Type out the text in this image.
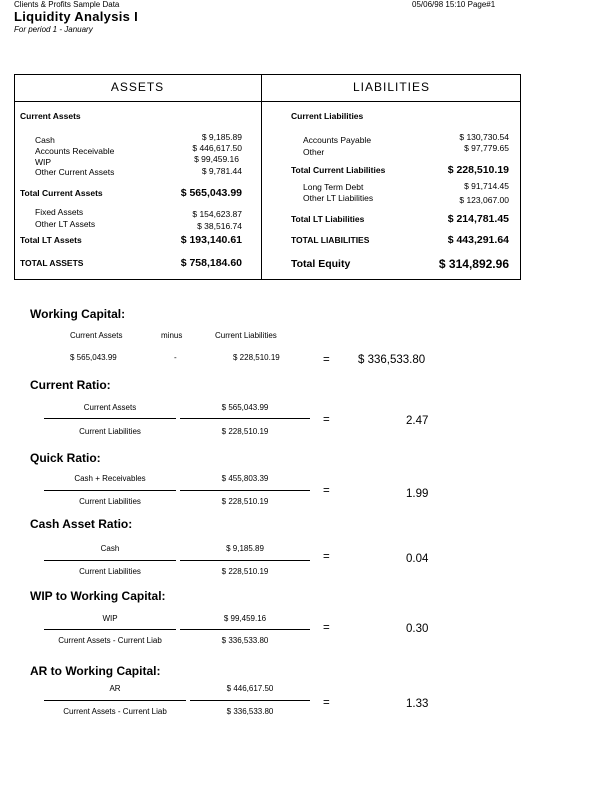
Clients & Profits Sample Data	05/06/98 15:10 Page#1
Liquidity Analysis I
For period 1 - January
ASSETS	LIABILITIES
Current Assets
Cash	$ 9,185.89
Accounts Receivable	$ 446,617.50
WIP	$ 99,459.16
Other Current Assets	$ 9,781.44
Total Current Assets	$ 565,043.99
Fixed Assets	$ 154,623.87
Other LT Assets	$ 38,516.74
Total LT Assets	$ 193,140.61
TOTAL ASSETS	$ 758,184.60
Current Liabilities
Accounts Payable	$ 130,730.54
Other	$ 97,779.65
Total Current Liabilities	$ 228,510.19
Long Term Debt	$ 91,714.45
Other LT Liabilities	$ 123,067.00
Total LT Liabilities	$ 214,781.45
TOTAL LIABILITIES	$ 443,291.64
Total Equity	$ 314,892.96
Working Capital:
Current Assets	minus	Current Liabilities
$ 565,043.99	-	$ 228,510.19	= $ 336,533.80
Current Ratio:
Current Assets	$ 565,043.99
Current Liabilities	$ 228,510.19
=	2.47
Quick Ratio:
Cash + Receivables	$ 455,803.39
Current Liabilities	$ 228,510.19
=	1.99
Cash Asset Ratio:
Cash	$ 9,185.89
Current Liabilities	$ 228,510.19
=	0.04
WIP to Working Capital:
WIP	$ 99,459.16
Current Assets - Current Liab	$ 336,533.80
=	0.30
AR to Working Capital:
AR	$ 446,617.50
Current Assets - Current Liab	$ 336,533.80
=	1.33
